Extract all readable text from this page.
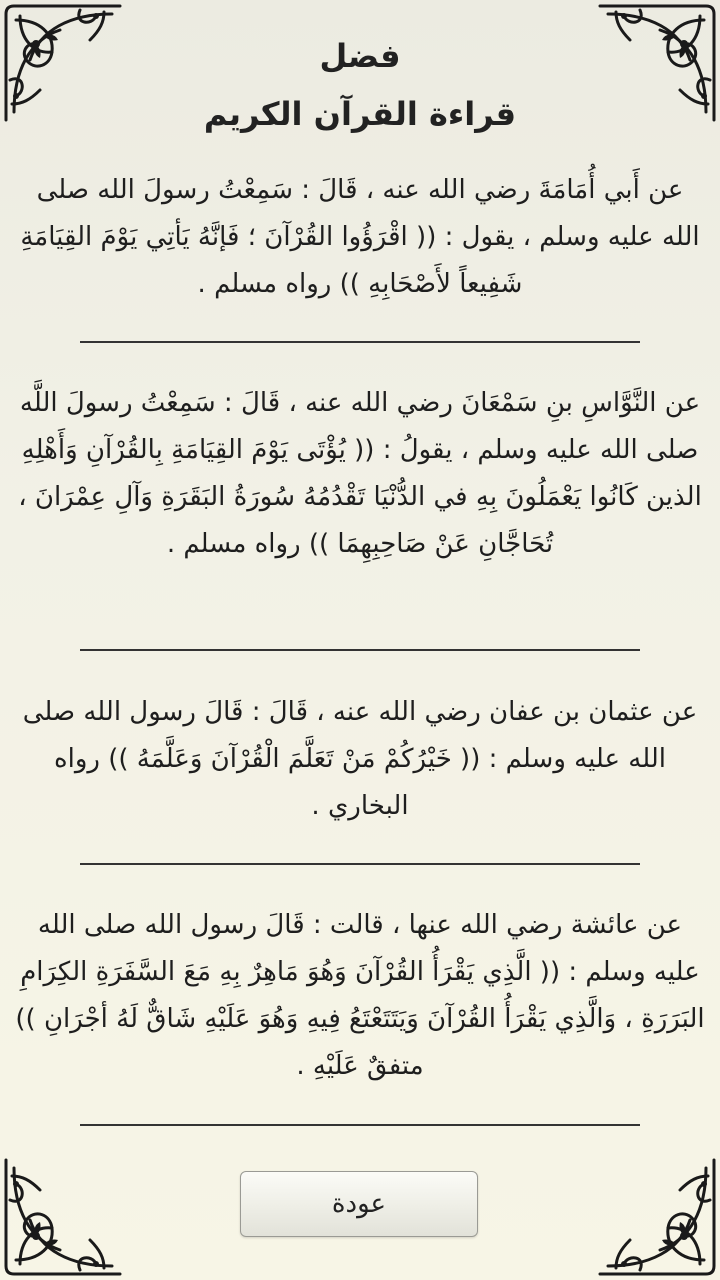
فضل
قراءة القرآن الكريم
عن أَبي أُمَامَةَ رضي الله عنه ، قَالَ : سَمِعْتُ رسولَ الله صلى الله عليه وسلم ، يقول : (( اقْرَؤُوا القُرْآنَ ؛ فَإنَّهُ يَأتِي يَوْمَ القِيَامَةِ شَفِيعاً لأَصْحَابِهِ )) رواه مسلم .
عن النَّوَّاسِ بنِ سَمْعَانَ رضي الله عنه ، قَالَ : سَمِعْتُ رسولَ اللَّه صلى الله عليه وسلم ، يقولُ : (( يُؤْتَى يَوْمَ القِيَامَةِ بِالقُرْآنِ وَأَهْلِهِ الذين كَانُوا يَعْمَلُونَ بِهِ في الدُّنْيَا تَقْدُمُهُ سُورَةُ البَقَرَةِ وَآلِ عِمْرَانَ ، تُحَاجَّانِ عَنْ صَاحِبِهِمَا )) رواه مسلم .
عن عثمان بن عفان رضي الله عنه ، قَالَ : قَالَ رسول الله صلى الله عليه وسلم : (( خَيْرُكُمْ مَنْ تَعَلَّمَ الْقُرْآنَ وَعَلَّمَهُ )) رواه البخاري .
عن عائشة رضي الله عنها ، قالت : قَالَ رسول الله صلى الله عليه وسلم : (( الَّذِي يَقْرَأُ القُرْآنَ وَهُوَ مَاهِرٌ بِهِ مَعَ السَّفَرَةِ الكِرَامِ البَرَرَةِ ، وَالَّذِي يَقْرَأُ القُرْآنَ وَيَتَتَعْتَعُ فِيهِ وَهُوَ عَلَيْهِ شَاقٌّ لَهُ أجْرَانِ )) متفقٌ عَلَيْهِ .
عودة
